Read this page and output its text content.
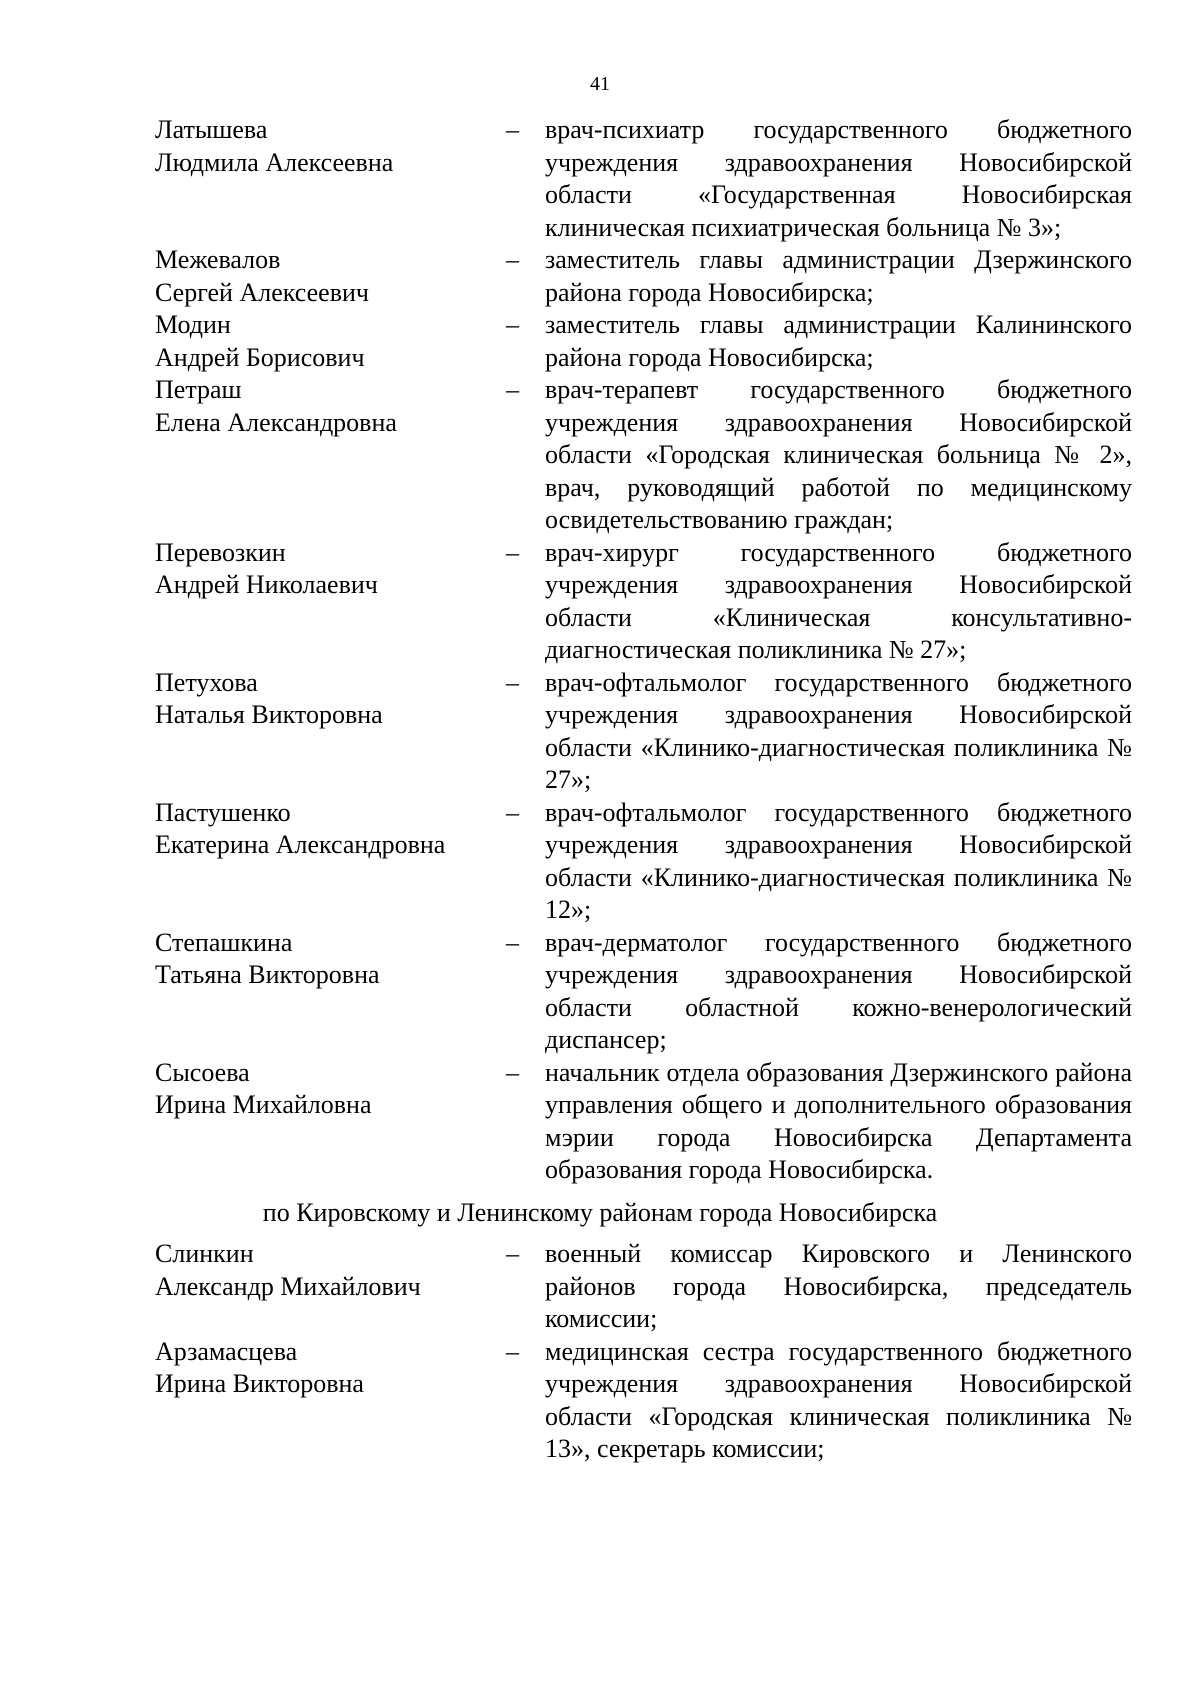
41
Латышева
Людмила Алексеевна
–	врач-психиатр государственного бюджетного учреждения здравоохранения Новосибирской области «Государственная Новосибирская клиническая психиатрическая больница № 3»;
Межевалов
Сергей Алексеевич
–	заместитель главы администрации Дзержинского района города Новосибирска;
Модин
Андрей Борисович
–	заместитель главы администрации Калининского района города Новосибирска;
Петраш
Елена Александровна
–	врач-терапевт государственного бюджетного учреждения здравоохранения Новосибирской области «Городская клиническая больница № 2», врач, руководящий работой по медицинскому освидетельствованию граждан;
Перевозкин
Андрей Николаевич
–	врач-хирург государственного бюджетного учреждения здравоохранения Новосибирской области «Клиническая консультативно-диагностическая поликлиника № 27»;
Петухова
Наталья Викторовна
–	врач-офтальмолог государственного бюджетного учреждения здравоохранения Новосибирской области «Клинико-диагностическая поликлиника № 27»;
Пастушенко
Екатерина Александровна
–	врач-офтальмолог государственного бюджетного учреждения здравоохранения Новосибирской области «Клинико-диагностическая поликлиника № 12»;
Степашкина
Татьяна Викторовна
–	врач-дерматолог государственного бюджетного учреждения здравоохранения Новосибирской области областной кожно-венерологический диспансер;
Сысоева
Ирина Михайловна
–	начальник отдела образования Дзержинского района управления общего и дополнительного образования мэрии города Новосибирска Департамента образования города Новосибирска.
по Кировскому и Ленинскому районам города Новосибирска
Слинкин
Александр Михайлович
–	военный комиссар Кировского и Ленинского районов города Новосибирска, председатель комиссии;
Арзамасцева
Ирина Викторовна
–	медицинская сестра государственного бюджетного учреждения здравоохранения Новосибирской области «Городская клиническая поликлиника № 13», секретарь комиссии;
